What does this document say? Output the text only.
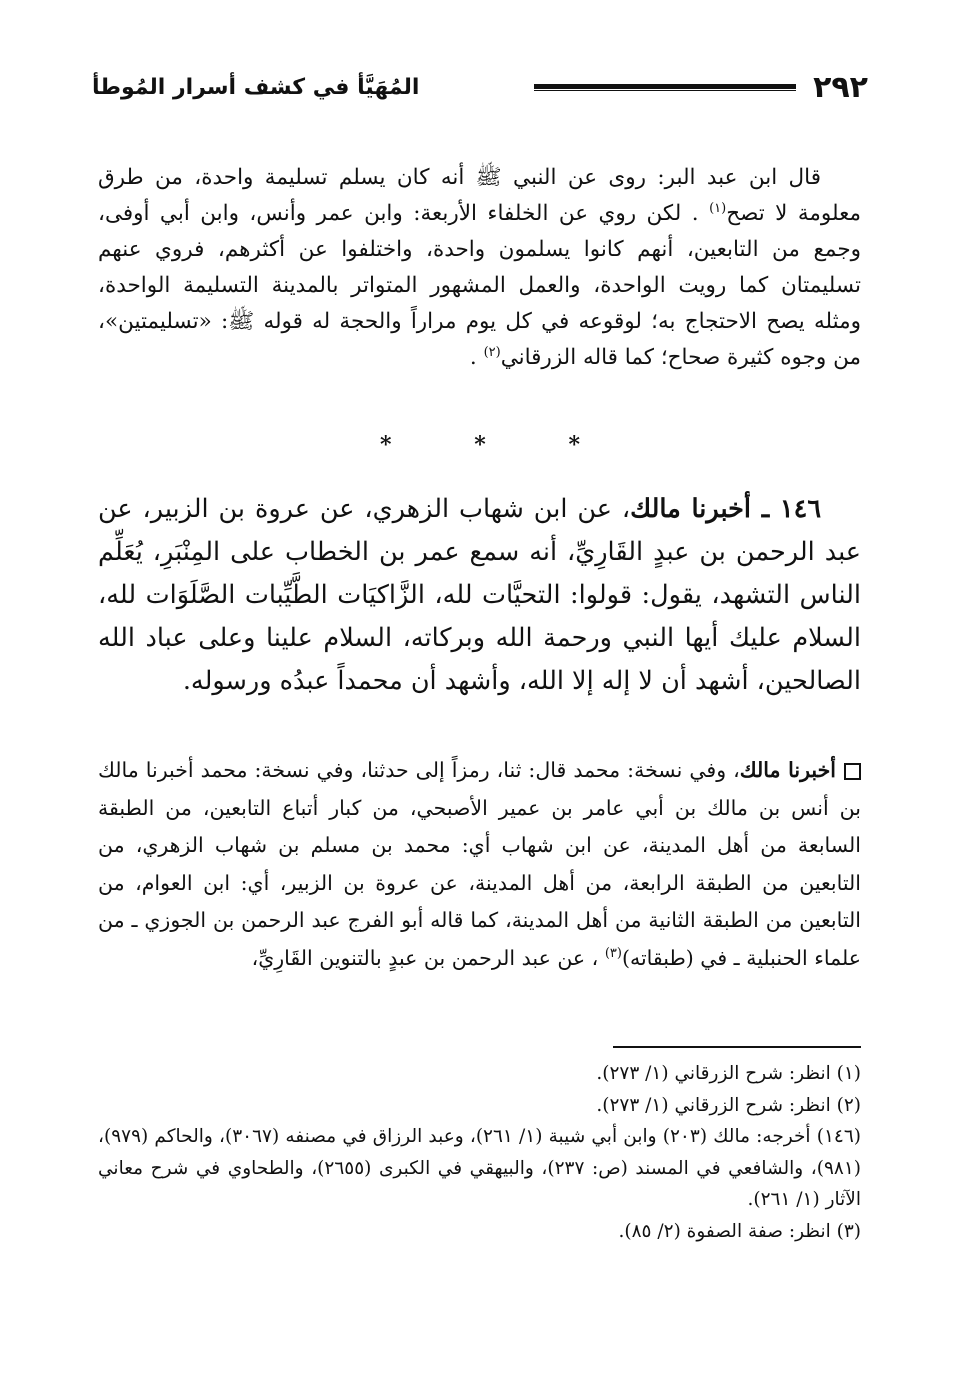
٢٩٢
المُهَيَّأ في كشف أسرار المُوطأ
قال ابن عبد البر: روى عن النبي ﷺ أنه كان يسلم تسليمة واحدة، من طرق معلومة لا تصح$^{(١)}$ . لكن روي عن الخلفاء الأربعة: وابن عمر وأنس، وابن أبي أوفى، وجمع من التابعين، أنهم كانوا يسلمون واحدة، واختلفوا عن أكثرهم، فروي عنهم تسليمتان كما رويت الواحدة، والعمل المشهور المتواتر بالمدينة التسليمة الواحدة، ومثله يصح الاحتجاج به؛ لوقوعه في كل يوم مراراً والحجة له قوله ﷺ: «تسليمتين»، من وجوه كثيرة صحاح؛ كما قاله الزرقاني$^{(٢)}$ .
*	*	*
١٤٦ ـ أخبرنا مالك، عن ابن شهاب الزهري، عن عروة بن الزبير، عن عبد الرحمن بن عبدٍ القَارِيِّ، أنه سمع عمر بن الخطاب على المِنْبَرِ، يُعَلِّم الناس التشهد، يقول: قولوا: التحيَّات لله، الزَّاكيَات الطَّيِّبات الصَّلَوَات لله، السلام عليك أيها النبي ورحمة الله وبركاته، السلام علينا وعلى عباد الله الصالحين، أشهد أن لا إله إلا الله، وأشهد أن محمداً عبدُه ورسوله.
أخبرنا مالك، وفي نسخة: محمد قال: ثنا، رمزاً إلى حدثنا، وفي نسخة: محمد أخبرنا مالك بن أنس بن مالك بن أبي عامر بن عمير الأصبحي، من كبار أتباع التابعين، من الطبقة السابعة من أهل المدينة، عن ابن شهاب أي: محمد بن مسلم بن شهاب الزهري، من التابعين من الطبقة الرابعة، من أهل المدينة، عن عروة بن الزبير، أي: ابن العوام، من التابعين من الطبقة الثانية من أهل المدينة، كما قاله أبو الفرج عبد الرحمن بن الجوزي ـ من علماء الحنبلية ـ في (طبقاته)$^{(٣)}$ ، عن عبد الرحمن بن عبدٍ بالتنوين القَارِيِّ،

(١) انظر: شرح الزرقاني (١/ ٢٧٣).

(٢) انظر: شرح الزرقاني (١/ ٢٧٣).

(١٤٦) أخرجه: مالك (٢٠٣) وابن أبي شيبة (١/ ٢٦١)، وعبد الرزاق في مصنفه (٣٠٦٧)، والحاكم (٩٧٩)، (٩٨١)، والشافعي في المسند (ص: ٢٣٧)، والبيهقي في الكبرى (٢٦٥٥)، والطحاوي في شرح معاني الآثار (١/ ٢٦١).

(٣) انظر: صفة الصفوة (٢/ ٨٥).
